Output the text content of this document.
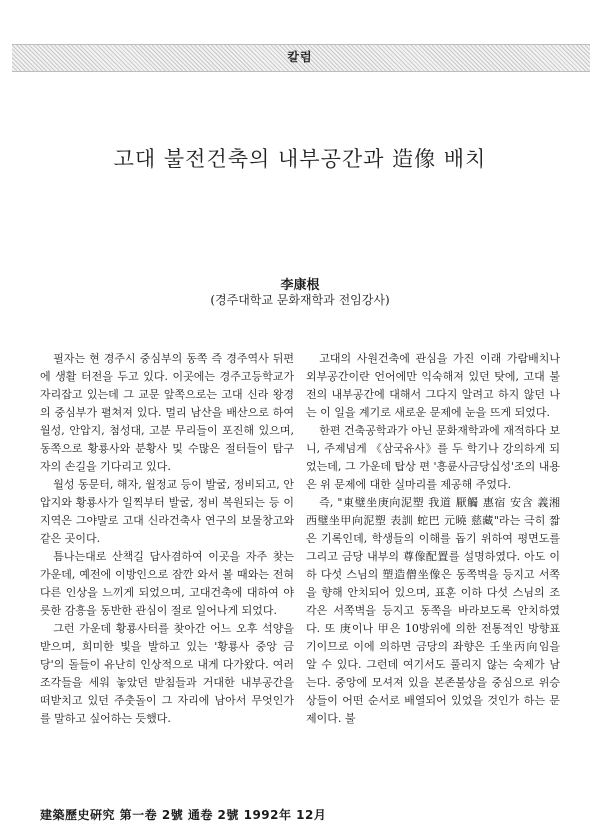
칼럼
고대 불전건축의 내부공간과 造像 배치
李康根
(경주대학교 문화재학과 전임강사)

필자는 현 경주시 중심부의 동쪽 즉 경주역사 뒤편에 생활 터전을 두고 있다. 이곳에는 경주고등학교가 자리잡고 있는데 그 교문 앞쪽으로는 고대 신라 왕경의 중심부가 펼쳐져 있다. 멀리 남산을 배산으로 하여 월성, 안압지, 첨성대, 고분 무리들이 포진해 있으며, 동쪽으로 황룡사와 분황사 및 수많은 절터들이 탐구자의 손길을 기다리고 있다.

월성 동문터, 해자, 월정교 등이 발굴, 정비되고, 안압지와 황룡사가 일찍부터 발굴, 정비 복원되는 등 이 지역은 그야말로 고대 신라건축사 연구의 보물창고와 같은 곳이다.

틈나는대로 산책길 답사겸하여 이곳을 자주 찾는 가운데, 예전에 이방인으로 잠깐 와서 볼 때와는 전혀 다른 인상을 느끼게 되었으며, 고대건축에 대하여 야릇한 감흥을 동반한 관심이 절로 일어나게 되었다.

그런 가운데 황룡사터를 찾아간 어느 오후 석양을 받으며, 희미한 빛을 발하고 있는 '황룡사 중앙 금당'의 돌들이 유난히 인상적으로 내게 다가왔다. 여러 조각들을 세워 놓았던 받침들과 거대한 내부공간을 떠받치고 있던 주춧돌이 그 자리에 남아서 무엇인가를 말하고 싶어하는 듯했다.

고대의 사원건축에 관심을 가진 이래 가람배치나 외부공간이란 언어에만 익숙해져 있던 탓에, 고대 불전의 내부공간에 대해서 그다지 알려고 하지 않던 나는 이 일을 계기로 새로운 문제에 눈을 뜨게 되었다.

한편 건축공학과가 아닌 문화재학과에 재적하다 보니, 주제넘게 《삼국유사》를 두 학기나 강의하게 되었는데, 그 가운데 탑상 편 '흥륜사금당십성'조의 내용은 위 문제에 대한 실마리를 제공해 주었다.

즉, "東璧坐庚向泥塑 我道 厭觸 惠宿 安含 義湘 西璧坐甲向泥塑 表訓 蛇巴 元曉 慈藏"라는 극히 짧은 기록인데, 학생들의 이해를 돕기 위하여 평면도를 그리고 금당 내부의 尊像配置를 설명하였다. 아도 이하 다섯 스님의 塑造僧坐像은 동쪽벽을 등지고 서쪽을 향해 안치되어 있으며, 표훈 이하 다섯 스님의 조각은 서쪽벽을 등지고 동쪽을 바라보도록 안치하였다. 또 庚이나 甲은 10방위에 의한 전통적인 방향표기이므로 이에 의하면 금당의 좌향은 壬坐丙向임을 알 수 있다. 그런데 여기서도 풀리지 않는 숙제가 남는다. 중앙에 모셔져 있을 본존불상을 중심으로 위승상들이 어떤 순서로 배열되어 있었을 것인가 하는 문제이다. 불

建築歷史硏究 第一卷 2號 通卷 2號 1992年 12月
